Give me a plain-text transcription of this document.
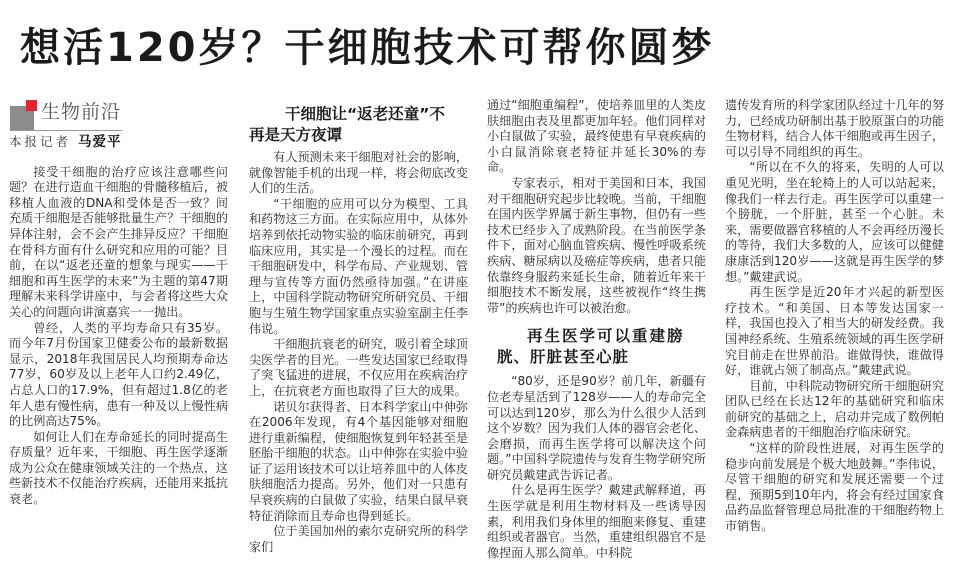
想活120岁？干细胞技术可帮你圆梦
生物前沿
本报记者 马爱平

接受干细胞的治疗应该注意哪些问题？在进行造血干细胞的骨髓移植后，被移植人血液的DNA和受体是否一致？间充质干细胞是否能够批量生产？干细胞的异体注射，会不会产生排异反应？干细胞在骨科方面有什么研究和应用的可能？目前，在以“返老还童的想象与现实——干细胞和再生医学的未来”为主题的第47期理解未来科学讲座中，与会者将这些大众关心的问题向讲演嘉宾一一抛出。

曾经，人类的平均寿命只有35岁。而今年7月份国家卫健委公布的最新数据显示，2018年我国居民人均预期寿命达77岁，60岁及以上老年人口约2.49亿，占总人口的17.9%，但有超过1.8亿的老年人患有慢性病，患有一种及以上慢性病的比例高达75%。

如何让人们在寿命延长的同时提高生存质量？近年来，干细胞、再生医学逐渐成为公众在健康领域关注的一个热点，这些新技术不仅能治疗疾病，还能用来抵抗衰老。

干细胞让“返老还童”不
再是天方夜谭

有人预测未来干细胞对社会的影响，就像智能手机的出现一样，将会彻底改变人们的生活。

“干细胞的应用可以分为模型、工具和药物这三方面。在实际应用中，从体外培养到依托动物实验的临床前研究，再到临床应用，其实是一个漫长的过程。而在干细胞研发中，科学布局、产业规划、管理与宣传等方面仍然亟待加强。”在讲座上，中国科学院动物研究所研究员、干细胞与生殖生物学国家重点实验室副主任李伟说。

干细胞抗衰老的研究，吸引着全球顶尖医学者的目光。一些发达国家已经取得了突飞猛进的进展，不仅应用在疾病治疗上，在抗衰老方面也取得了巨大的成果。

诺贝尔获得者、日本科学家山中伸弥在2006年发现，有4个基因能够对细胞进行重新编程，使细胞恢复到年轻甚至是胚胎干细胞的状态。山中伸弥在实验中验证了运用该技术可以让培养皿中的人体皮肤细胞活力提高。另外，他们对一只患有早衰疾病的白鼠做了实验，结果白鼠早衰特征消除而且寿命也得到延长。

位于美国加州的索尔克研究所的科学家们

通过“细胞重编程”，使培养皿里的人类皮肤细胞由表及里都更加年轻。他们同样对小白鼠做了实验，最终使患有早衰疾病的小白鼠消除衰老特征并延长30%的寿命。

专家表示，相对于美国和日本，我国对干细胞研究起步比较晚。当前，干细胞在国内医学界属于新生事物，但仍有一些技术已经步入了成熟阶段。在当前医学条件下，面对心脑血管疾病、慢性呼吸系统疾病、糖尿病以及癌症等疾病，患者只能依靠终身服药来延长生命，随着近年来干细胞技术不断发展，这些被视作“终生携带”的疾病也许可以被治愈。

再生医学可以重建膀
胱、肝脏甚至心脏

“80岁，还是90岁？前几年，新疆有位老寿星活到了128岁——人的寿命完全可以达到120岁，那么为什么很少人活到这个岁数？因为我们人体的器官会老化、会磨损，而再生医学将可以解决这个问题。”中国科学院遗传与发育生物学研究所研究员戴建武告诉记者。

什么是再生医学？戴建武解释道，再生医学就是利用生物材料及一些诱导因素，利用我们身体里的细胞来修复、重建组织或者器官。当然，重建组织器官不是像捏面人那么简单。中科院

遗传发育所的科学家团队经过十几年的努力，已经成功研制出基于胶原蛋白的功能生物材料，结合人体干细胞或再生因子，可以引导不同组织的再生。

“所以在不久的将来，失明的人可以重见光明，坐在轮椅上的人可以站起来，像我们一样去行走。再生医学可以重建一个膀胱，一个肝脏，甚至一个心脏。未来，需要做器官移植的人不会再经历漫长的等待，我们大多数的人，应该可以健健康康活到120岁——这就是再生医学的梦想。”戴建武说。

再生医学是近20年才兴起的新型医疗技术。“和美国、日本等发达国家一样，我国也投入了相当大的研发经费。我国神经系统、生殖系统领域的再生医学研究目前走在世界前沿。谁做得快，谁做得好，谁就占领了制高点。”戴建武说。

目前，中科院动物研究所干细胞研究团队已经在长达12年的基础研究和临床前研究的基础之上，启动并完成了数例帕金森病患者的干细胞治疗临床研究。

“这样的阶段性进展，对再生医学的稳步向前发展是个极大地鼓舞。”李伟说，尽管干细胞的研究和发展还需要一个过程，预期5到10年内，将会有经过国家食品药品监督管理总局批准的干细胞药物上市销售。
